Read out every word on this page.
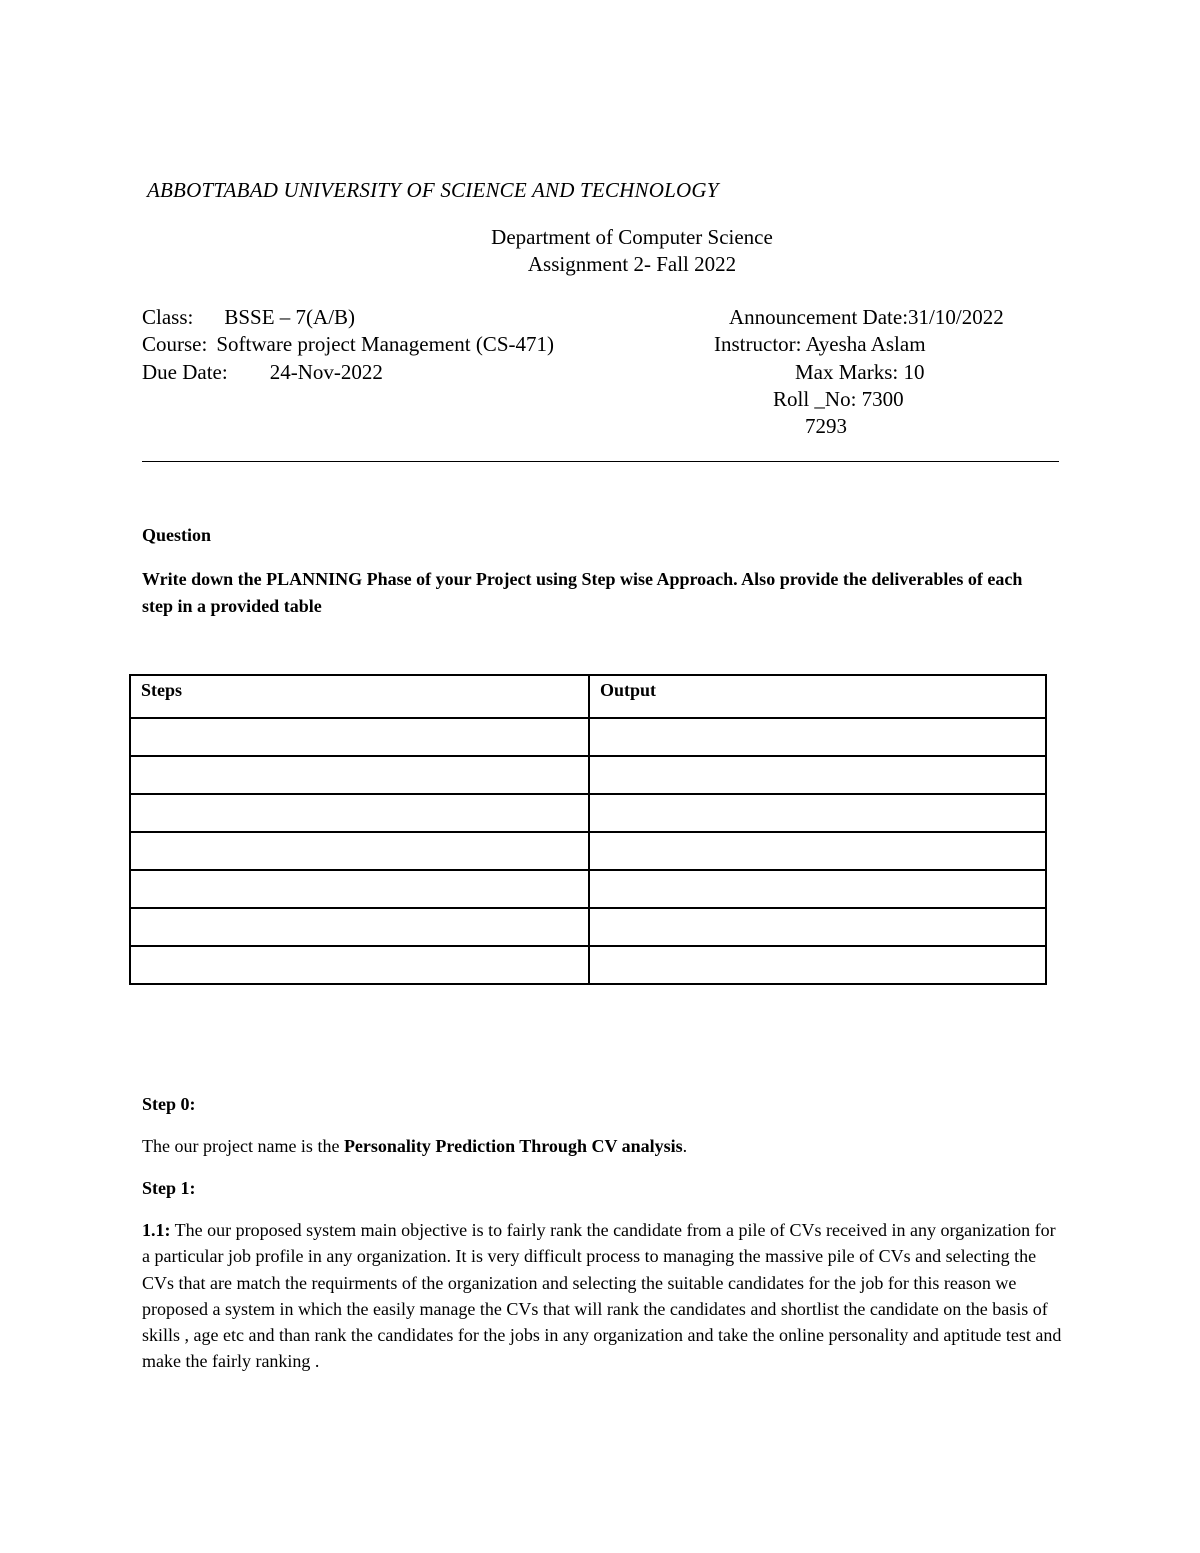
ABBOTTABAD UNIVERSITY OF SCIENCE AND TECHNOLOGY
Department of Computer Science
Assignment 2- Fall 2022
Class: BSSE – 7(A/B)
Course: Software project Management (CS-471)
Due Date: 24-Nov-2022
Announcement Date:31/10/2022
Instructor: Ayesha Aslam
Max Marks: 10
Roll _No: 7300
7293
Question
Write down the PLANNING Phase of your Project using Step wise Approach. Also provide the deliverables of each step in a provided table
Steps	Output

Step 0:
The our project name is the Personality Prediction Through CV analysis.
Step 1:
1.1: The our proposed system main objective is to fairly rank the candidate from a pile of CVs received in any organization for a particular job profile in any organization. It is very difficult process to managing the massive pile of CVs and selecting the CVs that are match the requirments of the organization and selecting the suitable candidates for the job for this reason we proposed a system in which the easily manage the CVs that will rank the candidates and shortlist the candidate on the basis of skills , age etc and than rank the candidates for the jobs in any organization and take the online personality and aptitude test and make the fairly ranking .
